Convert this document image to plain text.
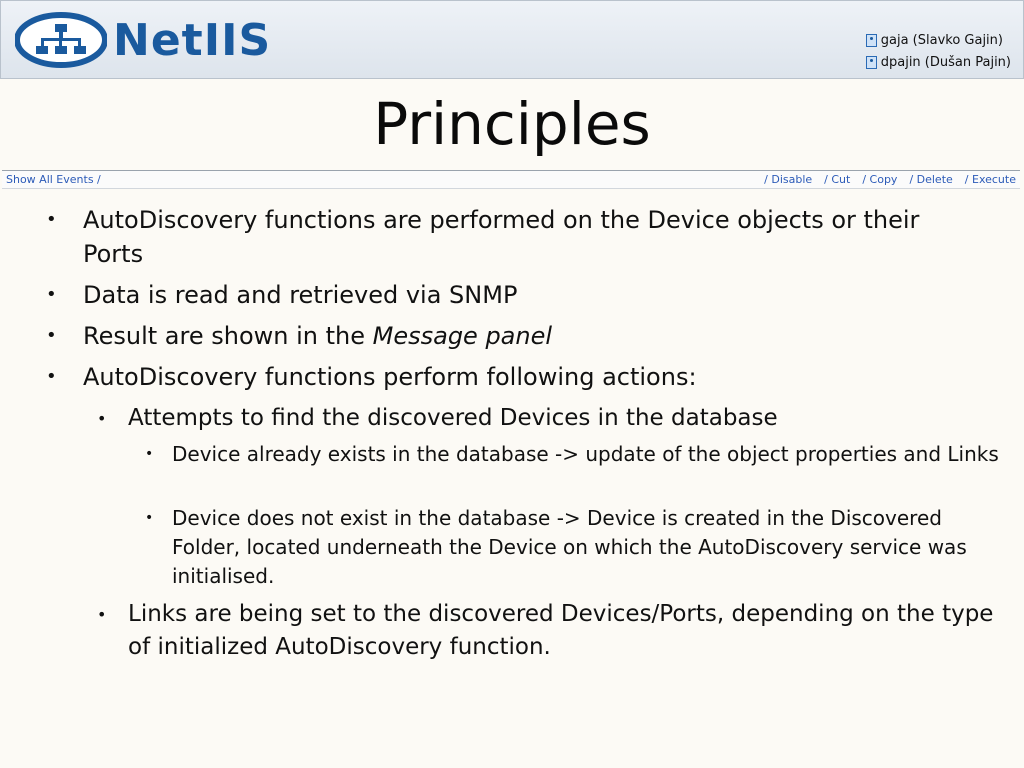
NetIIS	gaja (Slavko Gajin)
dpajin (Dušan Pajin)
Principles
Show All Events /	/ Disable / Cut / Copy / Delete / Execute
• AutoDiscovery functions are performed on the Device objects or their Ports
• Data is read and retrieved via SNMP
• Result are shown in the Message panel
• AutoDiscovery functions perform following actions:
• Attempts to find the discovered Devices in the database
• Device already exists in the database -> update of the object properties and Links
• Device does not exist in the database -> Device is created in the Discovered Folder, located underneath the Device on which the AutoDiscovery service was initialised.
• Links are being set to the discovered Devices/Ports, depending on the type of initialized AutoDiscovery function.
